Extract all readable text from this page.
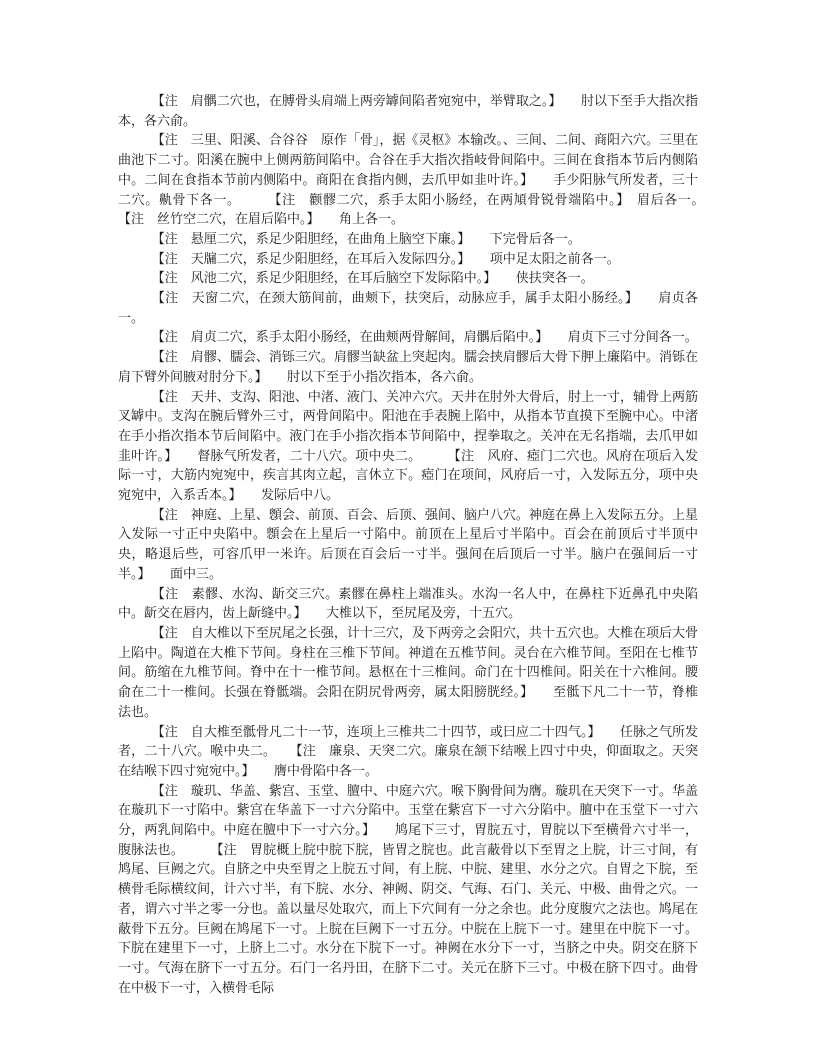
【注　肩髃二穴也，在膊骨头肩端上两旁罅间陷者宛宛中，举臂取之。】　　肘以下至手大指次指本，各六俞。

【注　三里、阳溪、合谷谷　原作「骨」，据《灵枢》本输改。、三间、二间、商阳六穴。三里在曲池下二寸。阳溪在腕中上侧两筋间陷中。合谷在手大指次指岐骨间陷中。三间在食指本节后内侧陷中。二间在食指本节前内侧陷中。商阳在食指内侧，去爪甲如韭叶许。】　　手少阳脉气所发者，三十二穴。鼽骨下各一。　　　【注　颧髎二穴，系手太阳小肠经，在两頄骨锐骨端陷中。】　眉后各一。　　　【注　丝竹空二穴，在眉后陷中。】　　角上各一。

【注　悬厘二穴，系足少阳胆经，在曲角上脑空下廉。】　　下完骨后各一。

【注　天牖二穴，系足少阳胆经，在耳后入发际四分。】　　项中足太阳之前各一。

【注　风池二穴，系足少阳胆经，在耳后脑空下发际陷中。】　　侠扶突各一。

【注　天窗二穴，在颈大筋间前，曲颊下，扶突后，动脉应手，属手太阳小肠经。】　　肩贞各一。

【注　肩贞二穴，系手太阳小肠经，在曲颊两骨解间，肩髃后陷中。】　　肩贞下三寸分间各一。

【注　肩髎、臑会、消铄三穴。肩髎当缺盆上突起肉。臑会挟肩髎后大骨下胛上廉陷中。消铄在肩下臂外间腋对肘分下。】　　肘以下至于小指次指本，各六俞。

【注　天井、支沟、阳池、中渚、液门、关冲六穴。天井在肘外大骨后，肘上一寸，辅骨上两筋叉罅中。支沟在腕后臂外三寸，两骨间陷中。阳池在手表腕上陷中，从指本节直摸下至腕中心。中渚在手小指次指本节后间陷中。液门在手小指次指本节间陷中，捏拳取之。关冲在无名指端，去爪甲如韭叶许。】　　督脉气所发者，二十八穴。项中央二。　　　【注　风府、瘂门二穴也。风府在项后入发际一寸，大筋内宛宛中，疾言其肉立起，言休立下。瘂门在项间，风府后一寸，入发际五分，项中央宛宛中，入系舌本。】　　发际后中八。

【注　神庭、上星、顖会、前顶、百会、后顶、强间、脑户八穴。神庭在鼻上入发际五分。上星入发际一寸正中央陷中。顖会在上星后一寸陷中。前顶在上星后寸半陷中。百会在前顶后寸半顶中央，略退后些，可容爪甲一米许。后顶在百会后一寸半。强间在后顶后一寸半。脑户在强间后一寸半。】　　面中三。

【注　素髎、水沟、龂交三穴。素髎在鼻柱上端准头。水沟一名人中，在鼻柱下近鼻孔中央陷中。龂交在唇内，齿上龂缝中。】　　大椎以下，至尻尾及旁，十五穴。

【注　自大椎以下至尻尾之长强，计十三穴，及下两旁之会阳穴，共十五穴也。大椎在项后大骨上陷中。陶道在大椎下节间。身柱在三椎下节间。神道在五椎节间。灵台在六椎节间。至阳在七椎节间。筋缩在九椎节间。脊中在十一椎节间。悬枢在十三椎间。命门在十四椎间。阳关在十六椎间。腰俞在二十一椎间。长强在脊骶端。会阳在阴尻骨两旁，属太阳膀胱经。】　　至骶下凡二十一节，脊椎法也。

【注　自大椎至骶骨凡二十一节，连项上三椎共二十四节，或曰应二十四气。】　　任脉之气所发者，二十八穴。喉中央二。　　【注　廉泉、天突二穴。廉泉在颔下结喉上四寸中央，仰面取之。天突在结喉下四寸宛宛中。】　　膺中骨陷中各一。

【注　璇玑、华盖、紫宫、玉堂、膻中、中庭六穴。喉下胸骨间为膺。璇玑在天突下一寸。华盖在璇玑下一寸陷中。紫宫在华盖下一寸六分陷中。玉堂在紫宫下一寸六分陷中。膻中在玉堂下一寸六分，两乳间陷中。中庭在膻中下一寸六分。】　　鸠尾下三寸，胃脘五寸，胃脘以下至横骨六寸半一，腹脉法也。　　　【注　胃脘概上脘中脘下脘，皆胃之脘也。此言蔽骨以下至胃之上脘，计三寸间，有鸠尾、巨阙之穴。自脐之中央至胃之上脘五寸间，有上脘、中脘、建里、水分之穴。自胃之下脘，至横骨毛际横纹间，计六寸半，有下脘、水分、神阙、阴交、气海、石门、关元、中极、曲骨之穴。一者，谓六寸半之零一分也。盖以量尽处取穴，而上下穴间有一分之余也。此分度腹穴之法也。鸠尾在蔽骨下五分。巨阙在鸠尾下一寸。上脘在巨阙下一寸五分。中脘在上脘下一寸。建里在中脘下一寸。下脘在建里下一寸，上脐上二寸。水分在下脘下一寸。神阙在水分下一寸，当脐之中央。阴交在脐下一寸。气海在脐下一寸五分。石门一名丹田，在脐下二寸。关元在脐下三寸。中极在脐下四寸。曲骨在中极下一寸，入横骨毛际
